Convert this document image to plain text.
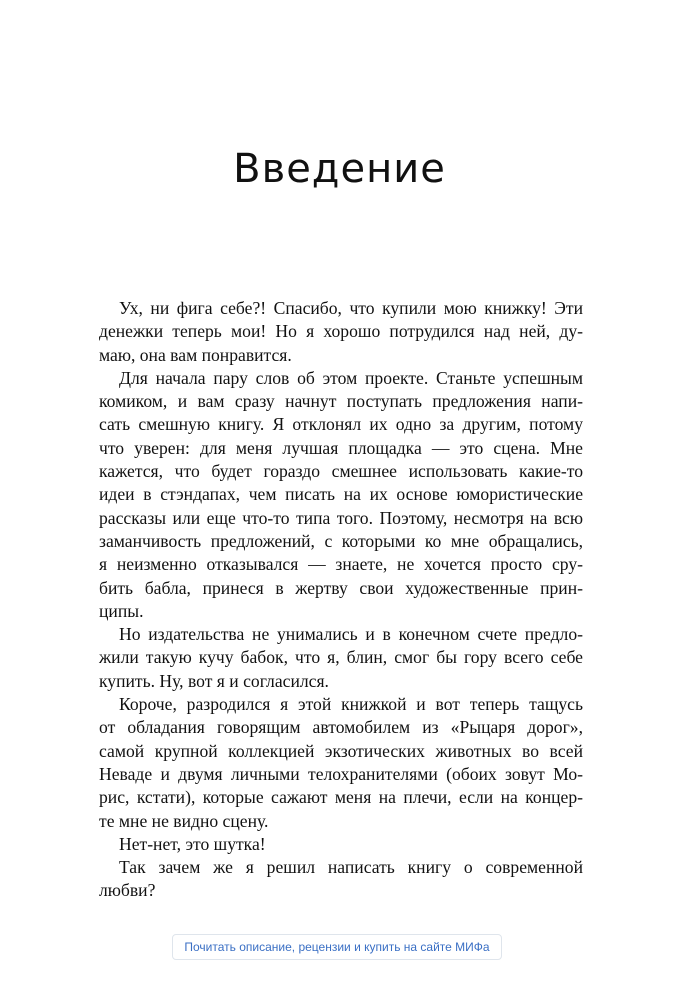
Введение
Ух, ни фига себе?! Спасибо, что купили мою книжку! Эти
денежки теперь мои! Но я хорошо потрудился над ней, ду-
маю, она вам понравится.
Для начала пару слов об этом проекте. Станьте успешным
комиком, и вам сразу начнут поступать предложения напи-
сать смешную книгу. Я отклонял их одно за другим, потому
что уверен: для меня лучшая площадка — это сцена. Мне
кажется, что будет гораздо смешнее использовать какие-то
идеи в стэндапах, чем писать на их основе юмористические
рассказы или еще что-то типа того. Поэтому, несмотря на всю
заманчивость предложений, с которыми ко мне обращались,
я неизменно отказывался — знаете, не хочется просто сру-
бить бабла, принеся в жертву свои художественные прин-
ципы.
Но издательства не унимались и в конечном счете предло-
жили такую кучу бабок, что я, блин, смог бы гору всего себе
купить. Ну, вот я и согласился.
Короче, разродился я этой книжкой и вот теперь тащусь
от обладания говорящим автомобилем из «Рыцаря дорог»,
самой крупной коллекцией экзотических животных во всей
Неваде и двумя личными телохранителями (обоих зовут Мо-
рис, кстати), которые сажают меня на плечи, если на концер-
те мне не видно сцену.
Нет-нет, это шутка!
Так зачем же я решил написать книгу о современной
любви?
Почитать описание, рецензии и купить на сайте МИФа
